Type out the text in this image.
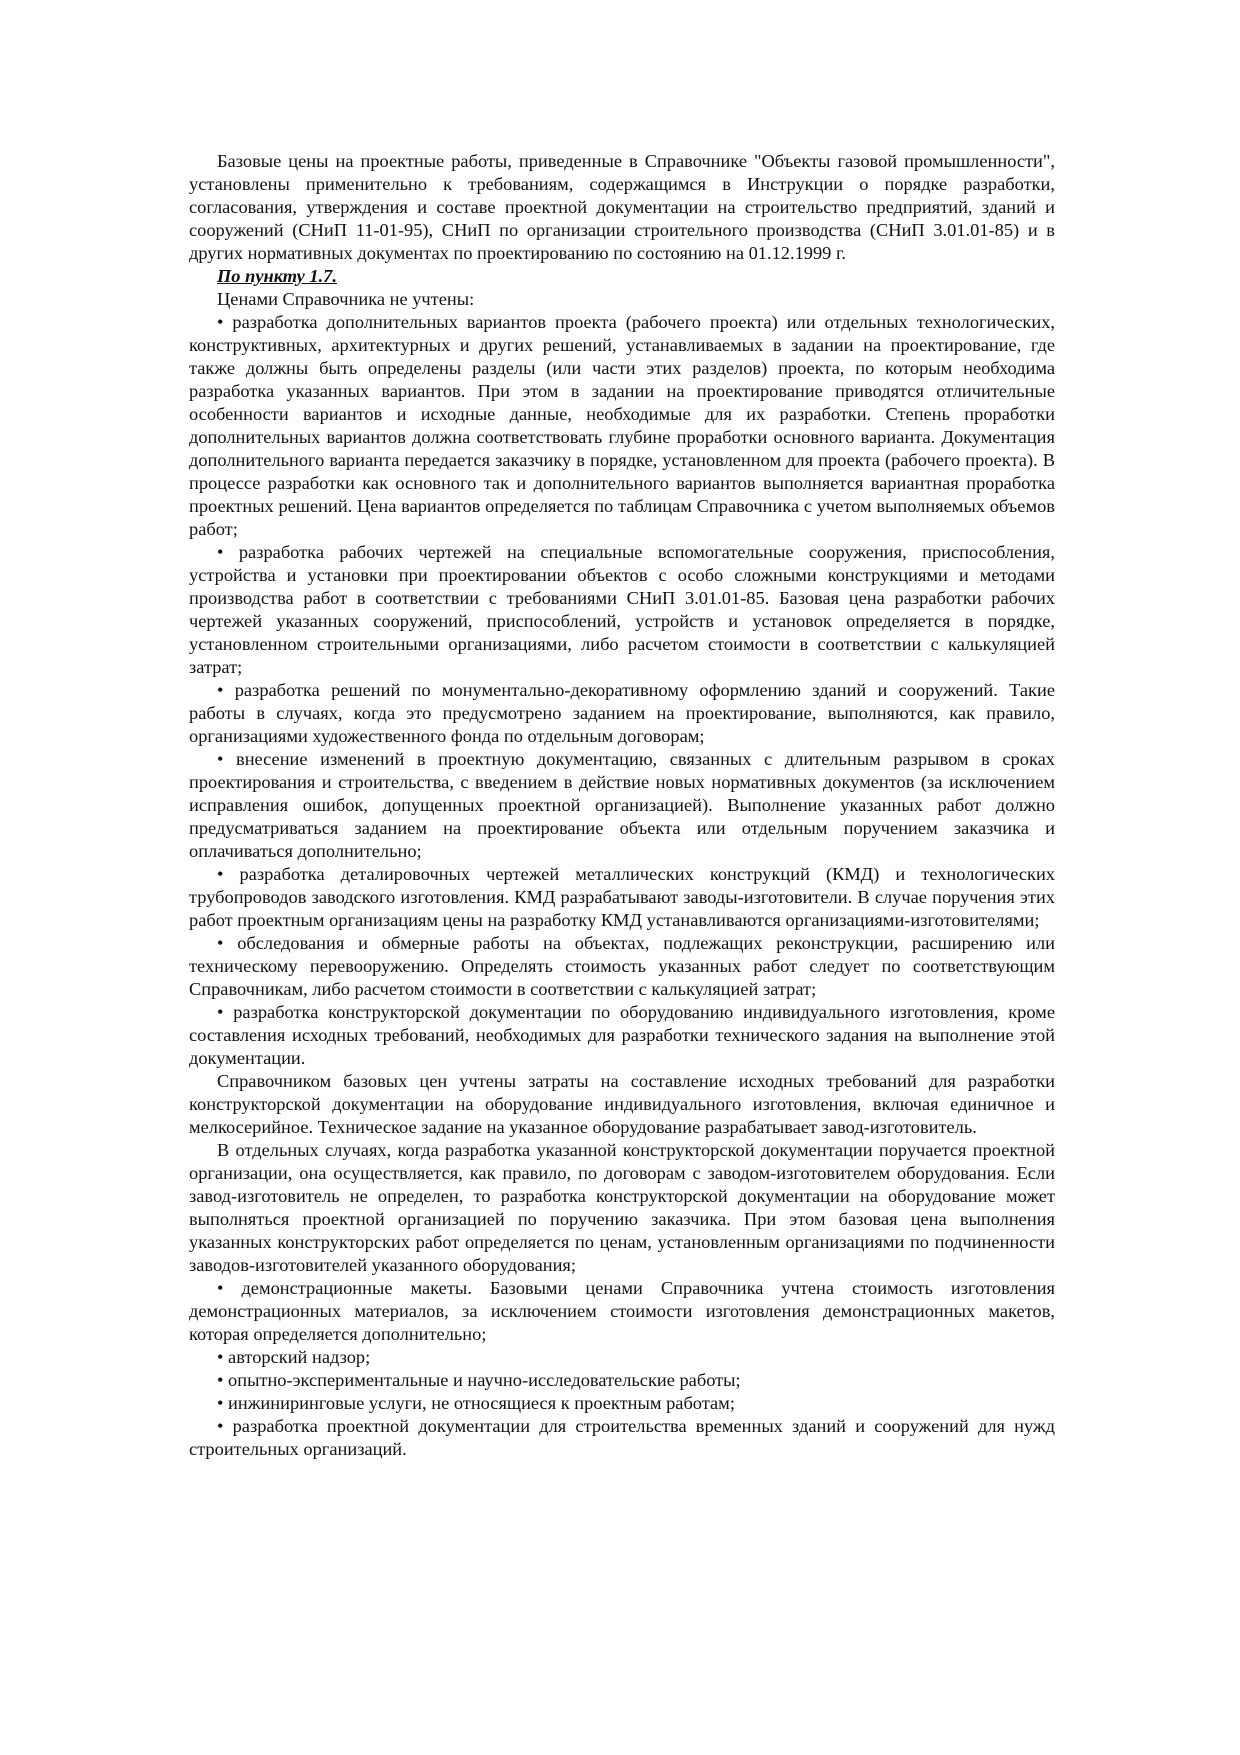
Базовые цены на проектные работы, приведенные в Справочнике "Объекты газовой промышленности", установлены применительно к требованиям, содержащимся в Инструкции о порядке разработки, согласования, утверждения и составе проектной документации на строительство предприятий, зданий и сооружений (СНиП 11-01-95), СНиП по организации строительного производства (СНиП 3.01.01-85) и в других нормативных документах по проектированию по состоянию на 01.12.1999 г.

По пункту 1.7.

Ценами Справочника не учтены:

• разработка дополнительных вариантов проекта (рабочего проекта) или отдельных технологических, конструктивных, архитектурных и других решений, устанавливаемых в задании на проектирование, где также должны быть определены разделы (или части этих разделов) проекта, по которым необходима разработка указанных вариантов. При этом в задании на проектирование приводятся отличительные особенности вариантов и исходные данные, необходимые для их разработки. Степень проработки дополнительных вариантов должна соответствовать глубине проработки основного варианта. Документация дополнительного варианта передается заказчику в порядке, установленном для проекта (рабочего проекта). В процессе разработки как основного так и дополнительного вариантов выполняется вариантная проработка проектных решений. Цена вариантов определяется по таблицам Справочника с учетом выполняемых объемов работ;

• разработка рабочих чертежей на специальные вспомогательные сооружения, приспособления, устройства и установки при проектировании объектов с особо сложными конструкциями и методами производства работ в соответствии с требованиями СНиП 3.01.01-85. Базовая цена разработки рабочих чертежей указанных сооружений, приспособлений, устройств и установок определяется в порядке, установленном строительными организациями, либо расчетом стоимости в соответствии с калькуляцией затрат;

• разработка решений по монументально-декоративному оформлению зданий и сооружений. Такие работы в случаях, когда это предусмотрено заданием на проектирование, выполняются, как правило, организациями художественного фонда по отдельным договорам;

• внесение изменений в проектную документацию, связанных с длительным разрывом в сроках проектирования и строительства, с введением в действие новых нормативных документов (за исключением исправления ошибок, допущенных проектной организацией). Выполнение указанных работ должно предусматриваться заданием на проектирование объекта или отдельным поручением заказчика и оплачиваться дополнительно;

• разработка деталировочных чертежей металлических конструкций (КМД) и технологических трубопроводов заводского изготовления. КМД разрабатывают заводы-изготовители. В случае поручения этих работ проектным организациям цены на разработку КМД устанавливаются организациями-изготовителями;

• обследования и обмерные работы на объектах, подлежащих реконструкции, расширению или техническому перевооружению. Определять стоимость указанных работ следует по соответствующим Справочникам, либо расчетом стоимости в соответствии с калькуляцией затрат;

• разработка конструкторской документации по оборудованию индивидуального изготовления, кроме составления исходных требований, необходимых для разработки технического задания на выполнение этой документации.

Справочником базовых цен учтены затраты на составление исходных требований для разработки конструкторской документации на оборудование индивидуального изготовления, включая единичное и мелкосерийное. Техническое задание на указанное оборудование разрабатывает завод-изготовитель.

В отдельных случаях, когда разработка указанной конструкторской документации поручается проектной организации, она осуществляется, как правило, по договорам с заводом-изготовителем оборудования. Если завод-изготовитель не определен, то разработка конструкторской документации на оборудование может выполняться проектной организацией по поручению заказчика. При этом базовая цена выполнения указанных конструкторских работ определяется по ценам, установленным организациями по подчиненности заводов-изготовителей указанного оборудования;

• демонстрационные макеты. Базовыми ценами Справочника учтена стоимость изготовления демонстрационных материалов, за исключением стоимости изготовления демонстрационных макетов, которая определяется дополнительно;

• авторский надзор;

• опытно-экспериментальные и научно-исследовательские работы;

• инжиниринговые услуги, не относящиеся к проектным работам;

• разработка проектной документации для строительства временных зданий и сооружений для нужд строительных организаций.
